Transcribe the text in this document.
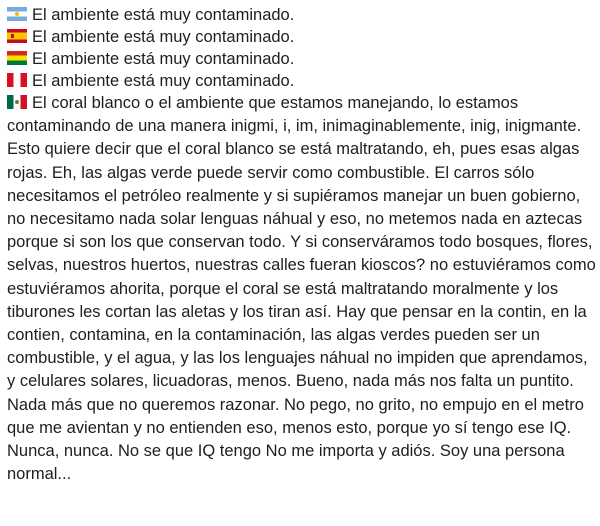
El ambiente está muy contaminado.
El ambiente está muy contaminado.
El ambiente está muy contaminado.
El ambiente está muy contaminado.
El coral blanco o el ambiente que estamos manejando, lo estamos contaminando de una manera inigmi, i, im, inimaginablemente, inig, inigmante. Esto quiere decir que el coral blanco se está maltratando, eh, pues esas algas rojas. Eh, las algas verde puede servir como combustible. El carros sólo necesitamos el petróleo realmente y si supiéramos manejar un buen gobierno, no necesitamo nada solar lenguas náhual y eso, no metemos nada en aztecas porque si son los que conservan todo. Y si conserváramos todo bosques, flores, selvas, nuestros huertos, nuestras calles fueran kioscos? no estuviéramos como estuviéramos ahorita, porque el coral se está maltratando moralmente y los tiburones les cortan las aletas y los tiran así. Hay que pensar en la contin, en la contien, contamina, en la contaminación, las algas verdes pueden ser un combustible, y el agua, y las los lenguajes náhual no impiden que aprendamos, y celulares solares, licuadoras, menos. Bueno, nada más nos falta un puntito. Nada más que no queremos razonar. No pego, no grito, no empujo en el metro que me avientan y no entienden eso, menos esto, porque yo sí tengo ese IQ. Nunca, nunca. No se que IQ tengo No me importa y adiós. Soy una persona normal...
